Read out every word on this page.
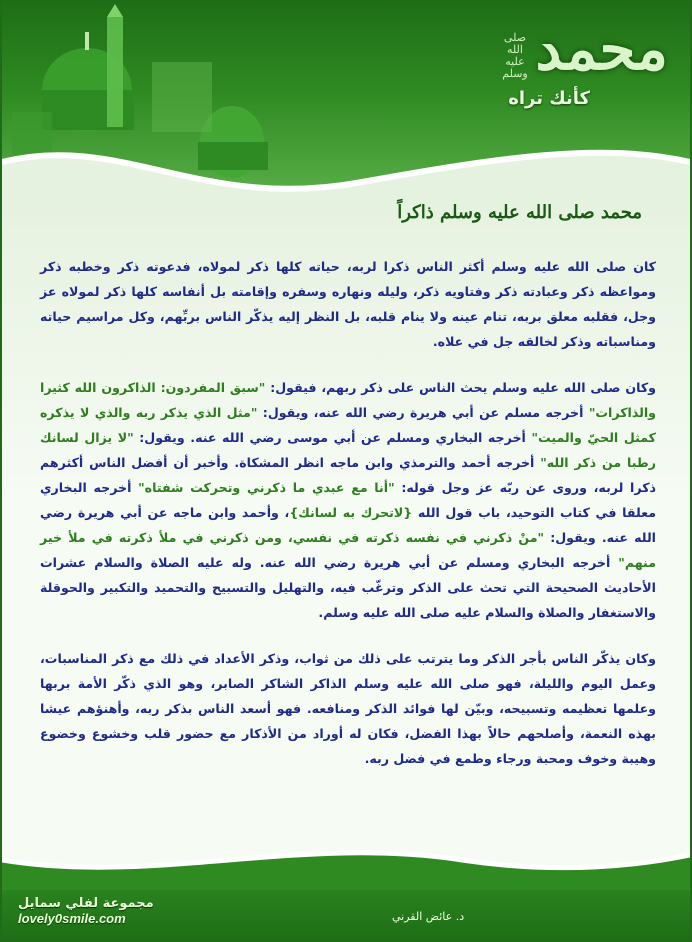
صلى الله عليه وسلم محمد
كأنك تراه
محمد صلى الله عليه وسلم ذاكراً

كان صلى الله عليه وسلم أكثر الناس ذكرا لربه، حياته كلها ذكر لمولاه، فدعوته ذكر وخطبه ذكر ومواعظه ذكر وعبادته ذكر وفتاويه ذكر، وليله ونهاره وسفره وإقامته بل أنفاسه كلها ذكر لمولاه عز وجل، فقلبه معلق بربه، تنام عينه ولا ينام قلبه، بل النظر إليه يذكّر الناس بربِّهم، وكل مراسيم حياته ومناسباته وذكر لخالقه جل في علاه.

وكان صلى الله عليه وسلم يحث الناس على ذكر ربهم، فيقول: "سبق المفردون: الذاكرون الله كثيرا والذاكرات" أخرجه مسلم عن أبي هريرة رضي الله عنه، ويقول: "مثل الذي يذكر ربه والذي لا يذكره كمثل الحيّ والميت" أخرجه البخاري ومسلم عن أبي موسى رضي الله عنه. ويقول: "لا يزال لسانك رطبا من ذكر الله" أخرجه أحمد والترمذي وابن ماجه انظر المشكاة. وأخبر أن أفضل الناس أكثرهم ذكرا لربه، وروى عن ربّه عز وجل قوله: "أنا مع عبدي ما ذكرني وتحركت شفتاه" أخرجه البخاري معلقا في كتاب التوحيد، باب قول الله {لاتحرك به لسانك}، وأحمد وابن ماجه عن أبي هريرة رضي الله عنه. ويقول: "منْ ذكرني في نفسه ذكرته في نفسي، ومن ذكرني في ملأ ذكرته في ملأ خير منهم" أخرجه البخاري ومسلم عن أبي هريرة رضي الله عنه. وله عليه الصلاة والسلام عشرات الأحاديث الصحيحة التي تحث على الذكر وترغّب فيه، والتهليل والتسبيح والتحميد والتكبير والحوقلة والاستغفار والصلاة والسلام عليه صلى الله عليه وسلم.

وكان يذكّر الناس بأجر الذكر وما يترتب على ذلك من ثواب، وذكر الأعداد في ذلك مع ذكر المناسبات، وعمل اليوم والليلة، فهو صلى الله عليه وسلم الذاكر الشاكر الصابر، وهو الذي ذكّر الأمة بربها وعلمها تعظيمه وتسبيحه، وبيّن لها فوائد الذكر ومنافعه. فهو أسعد الناس بذكر ربه، وأهنؤهم عيشا بهذه النعمة، وأصلحهم حالاً بهذا الفضل، فكان له أوراد من الأذكار مع حضور قلب وخشوع وخضوع وهيبة وخوف ومحبة ورجاء وطمع في فضل ربه.

مجموعة لفلي سمايل
lovely0smile.com	د. عائض القرني
